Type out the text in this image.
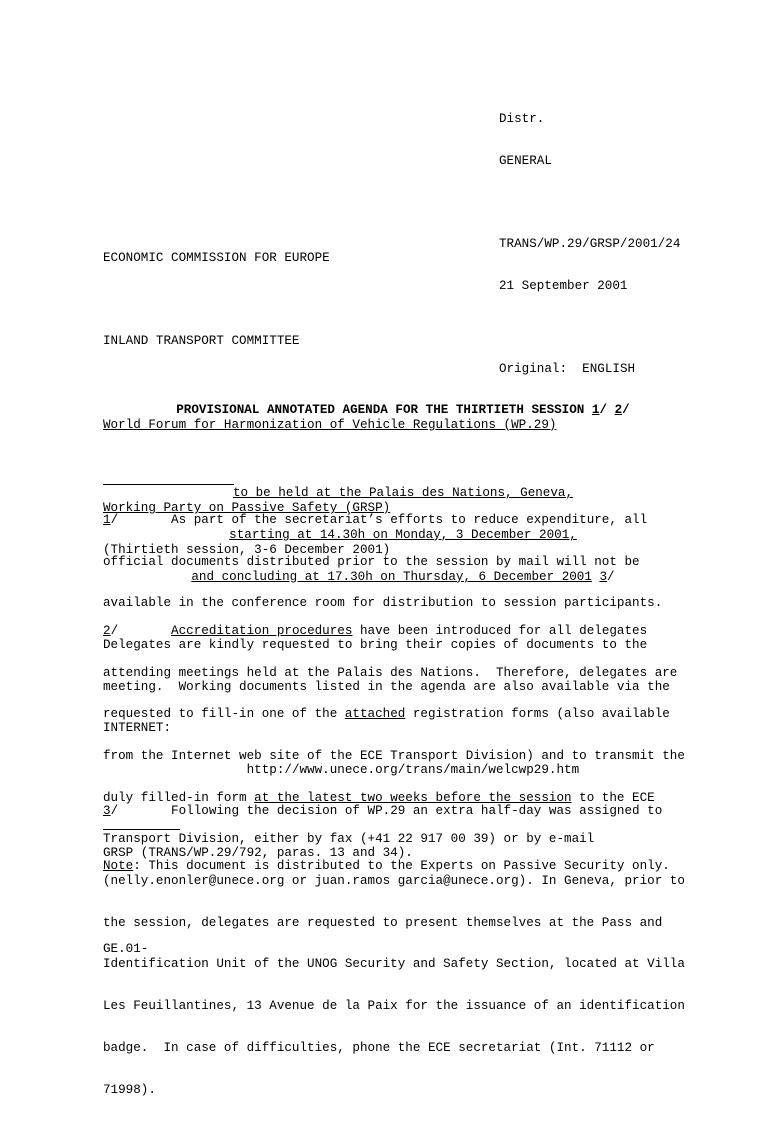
Distr.

GENERAL

TRANS/WP.29/GRSP/2001/24

21 September 2001

Original: ENGLISH

ECONOMIC COMMISSION FOR EUROPE

INLAND TRANSPORT COMMITTEE

World Forum for Harmonization of Vehicle Regulations (WP.29)

Working Party on Passive Safety (GRSP)

(Thirtieth session, 3-6 December 2001)

PROVISIONAL ANNOTATED AGENDA FOR THE THIRTIETH SESSION 1/ 2/

to be held at the Palais des Nations, Geneva,

starting at 14.30h on Monday, 3 December 2001,

and concluding at 17.30h on Thursday, 6 December 2001 3/

1/	As part of the secretariat’s efforts to reduce expenditure, all

official documents distributed prior to the session by mail will not be

available in the conference room for distribution to session participants.

Delegates are kindly requested to bring their copies of documents to the

meeting.  Working documents listed in the agenda are also available via the

INTERNET:

http://www.unece.org/trans/main/welcwp29.htm

2/	Accreditation procedures have been introduced for all delegates

attending meetings held at the Palais des Nations.  Therefore, delegates are

requested to fill-in one of the attached registration forms (also available

from the Internet web site of the ECE Transport Division) and to transmit the

duly filled-in form at the latest two weeks before the session to the ECE

Transport Division, either by fax (+41 22 917 00 39) or by e-mail

(nelly.enonler@unece.org or juan.ramos garcia@unece.org). In Geneva, prior to

the session, delegates are requested to present themselves at the Pass and

Identification Unit of the UNOG Security and Safety Section, located at Villa

Les Feuillantines, 13 Avenue de la Paix for the issuance of an identification

badge.  In case of difficulties, phone the ECE secretariat (Int. 71112 or

71998).

3/	Following the decision of WP.29 an extra half-day was assigned to

GRSP (TRANS/WP.29/792, paras. 13 and 34).

Note: This document is distributed to the Experts on Passive Security only.

GE.01-
